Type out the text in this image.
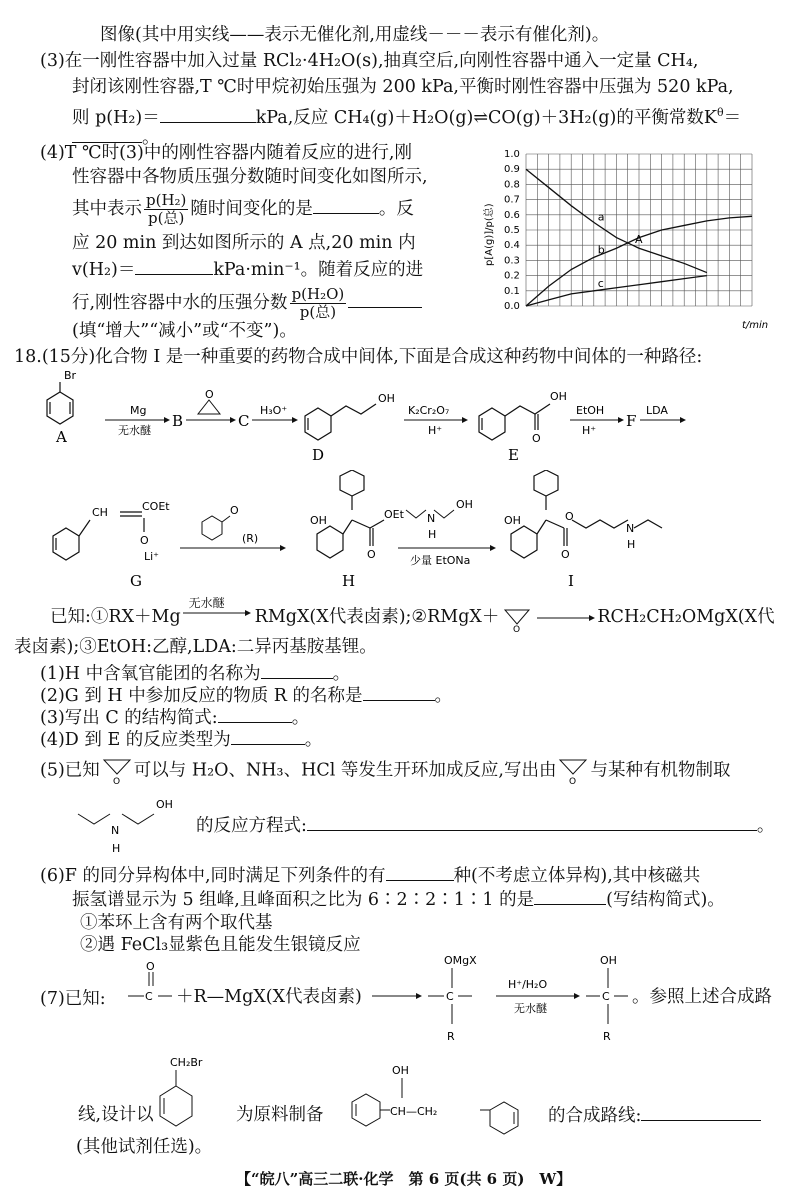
图像(其中用实线——表示无催化剂,用虚线－－－表示有催化剂)。
(3)在一刚性容器中加入过量 RCl₂·4H₂O(s),抽真空后,向刚性容器中通入一定量 CH₄,
封闭该刚性容器,T ℃时甲烷初始压强为 200 kPa,平衡时刚性容器中压强为 520 kPa,
则 p(H₂)＝	kPa,反应 CH₄(g)＋H₂O(g)⇌CO(g)＋3H₂(g)的平衡常数$K^\theta=$
。
(4)T ℃时(3)中的刚性容器内随着反应的进行,刚
性容器中各物质压强分数随时间变化如图所示,
其中表示 $\frac{\text{p(H₂)}}{\text{p(总)}}$ 随时间变化的是	。反
应 20 min 到达如图所示的 A 点,20 min 内
v(H₂)＝	kPa·min⁻¹。随着反应的进
行,刚性容器中水的压强分数 $\frac{\text{p(H₂O)}}{\text{p(总)}}$
(填“增大”“减小”或“不变”)。
0.0
0.1
0.2
0.3
0.4
0.5
0.6
0.7
0.8
0.9
1.0
a
b
c
A
p[A(g)]/p(总)
t/min
18.(15分)化合物 I 是一种重要的药物合成中间体,下面是合成这种药物中间体的一种路径:
Br
A
Mg
无水醚
B
O
C
H₃O⁺
OH
D
K₂Cr₂O₇
H⁺
OH
O
E
EtOH
H⁺
F
LDA
CH	COEt
O
Li⁺
G
O
(R)
OH	OEt
O
H
N
H
OH
少量 EtONa
OH	O
O
N
H
I
已知:①RX＋Mg
无水醚
RMgX(X代表卤素);②RMgX＋
O
RCH₂CH₂OMgX(X代
表卤素);③EtOH:乙醇,LDA:二异丙基胺基锂。
(1)H 中含氧官能团的名称为	。
(2)G 到 H 中参加反应的物质 R 的名称是	。
(3)写出 C 的结构简式:	。
(4)D 到 E 的反应类型为	。
(5)已知
O
可以与 H₂O、NH₃、HCl 等发生开环加成反应,写出由
O
与某种有机物制取
N
H
OH
的反应方程式:	。
(6)F 的同分异构体中,同时满足下列条件的有	种(不考虑立体异构),其中核磁共
振氢谱显示为 5 组峰,且峰面积之比为 6∶2∶2∶1∶1 的是	(写结构简式)。
①苯环上含有两个取代基
②遇 FeCl₃显紫色且能发生银镜反应
(7)已知:
O
C
OMgX
C
R
H⁺/H₂O
无水醚
OH
C
R
＋R—MgX(X代表卤素)	。参照上述合成路
CH₂Br
线,设计以	为原料制备
OH
CH—CH₂	的合成路线:
(其他试剂任选)。
【“皖八”高三二联·化学　第 6 页(共 6 页)　W】
